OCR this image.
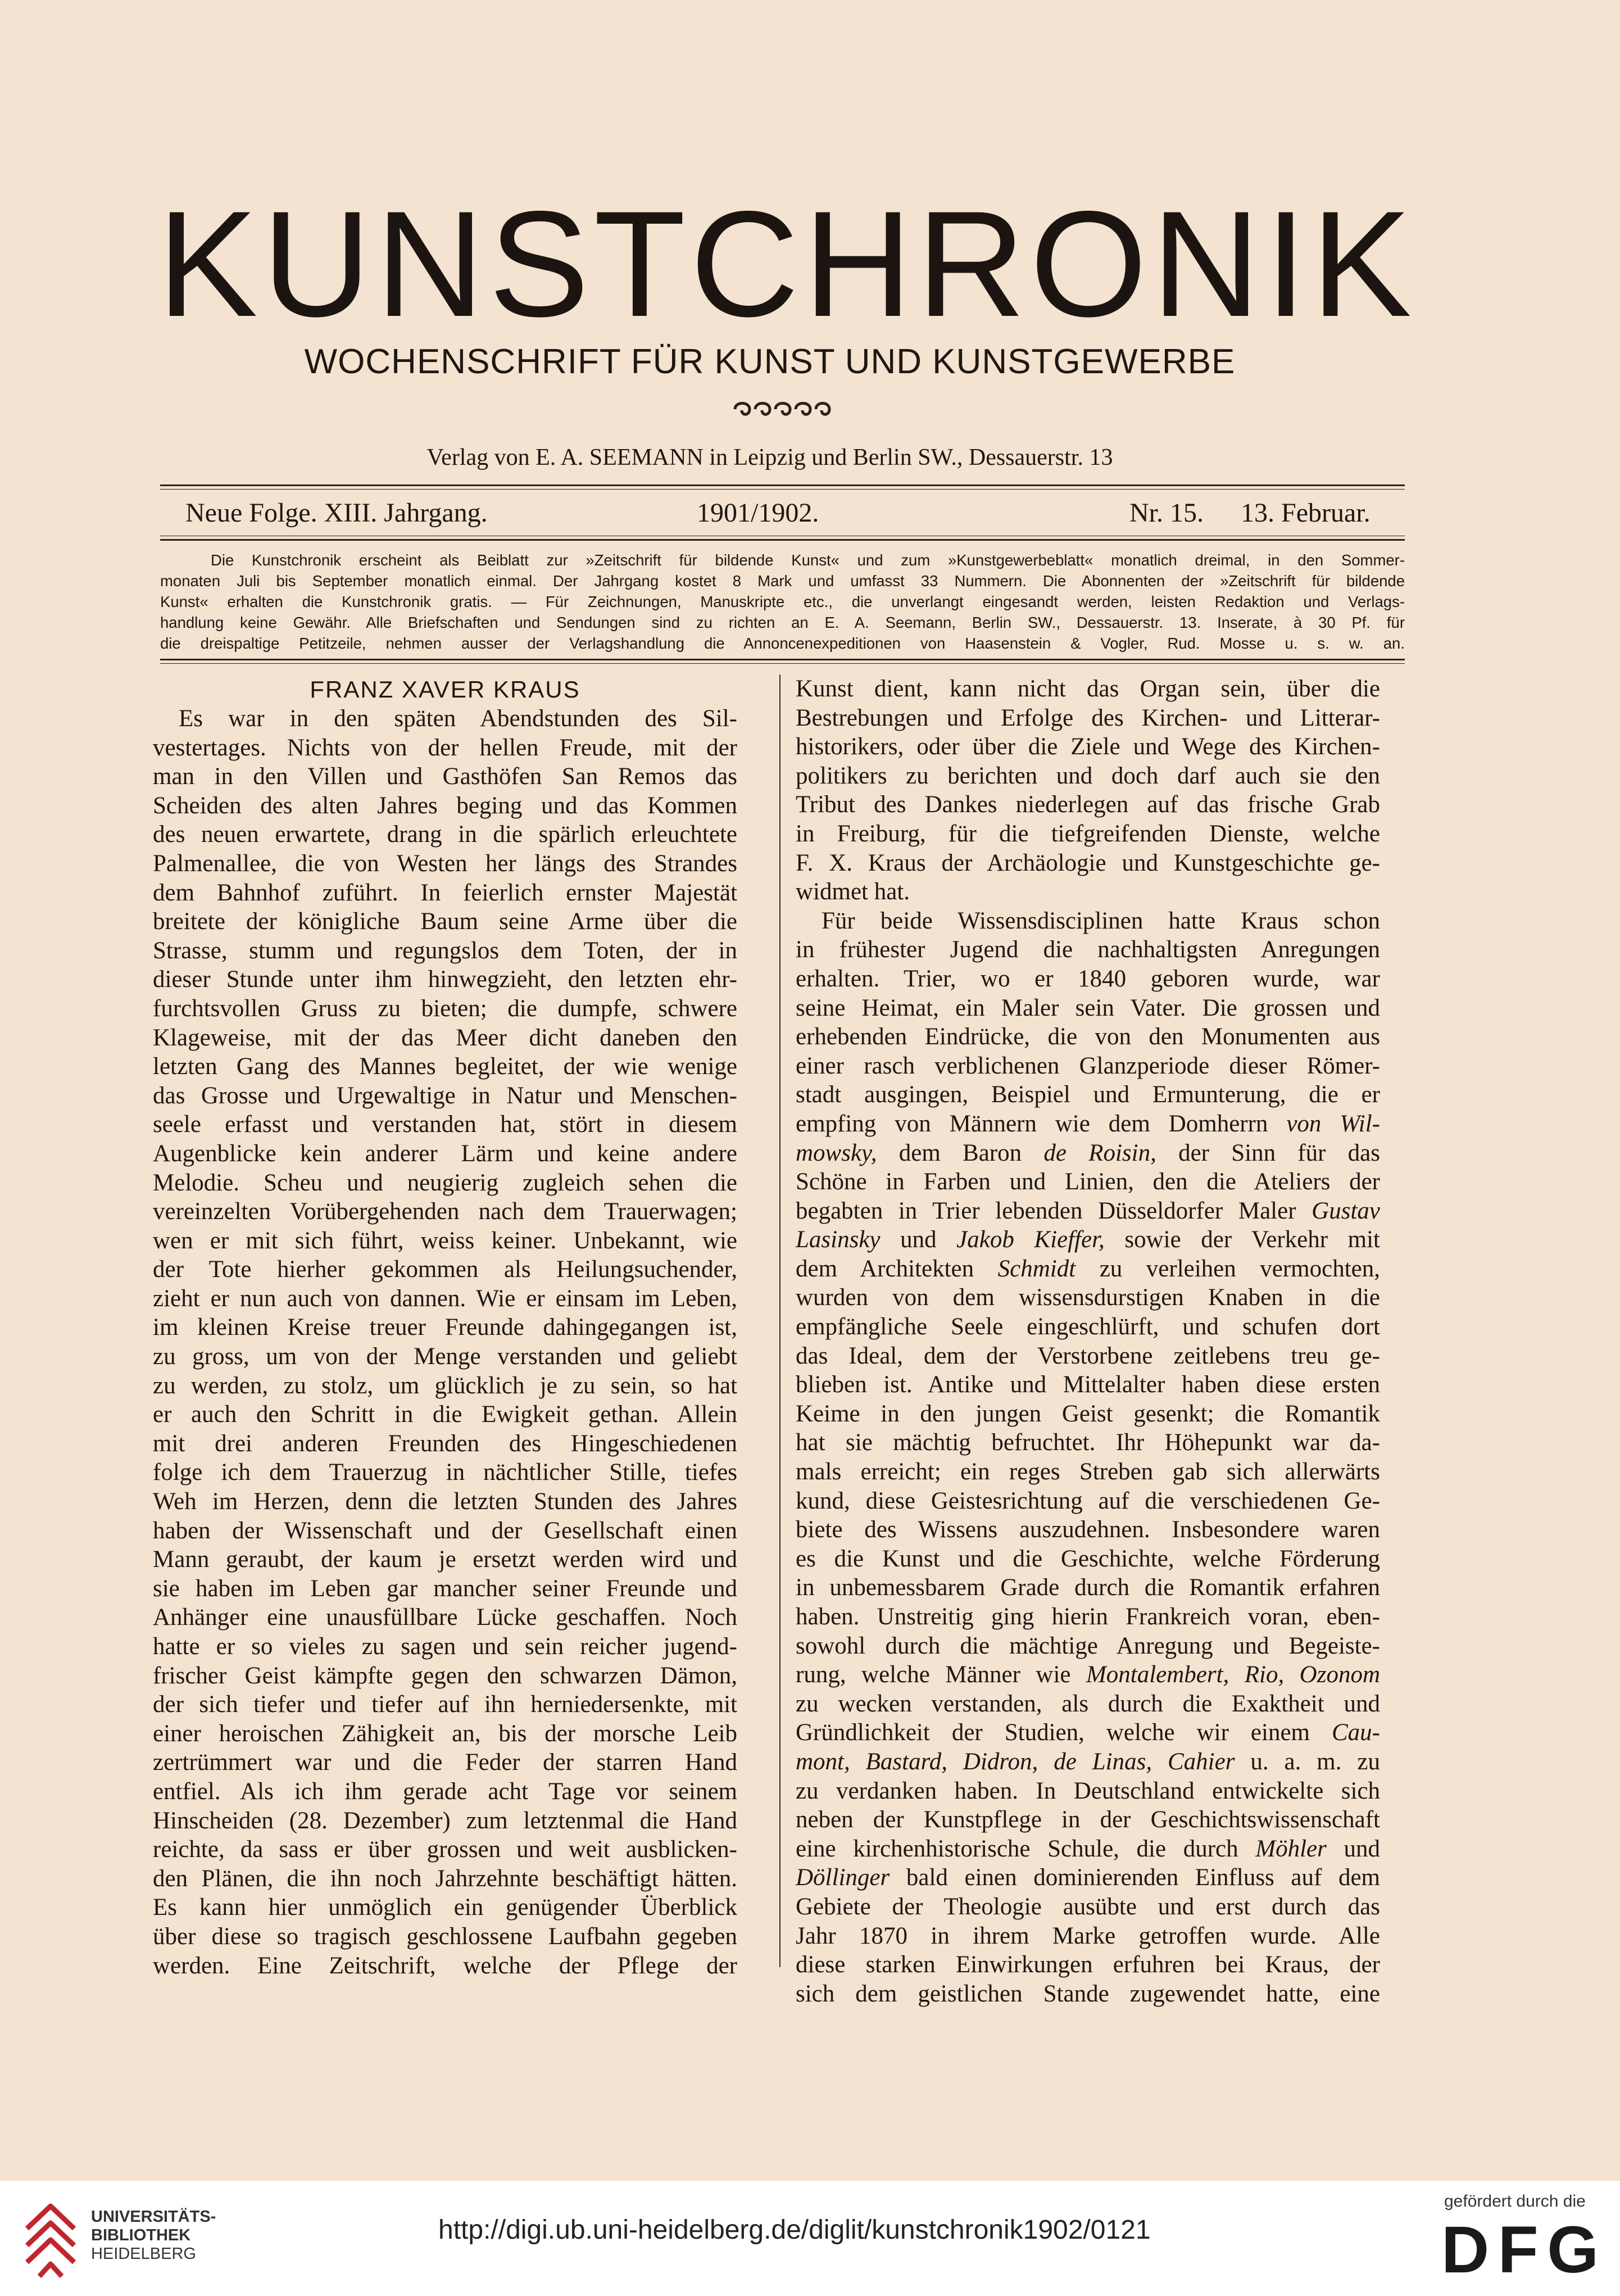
KUNSTCHRONIK
WOCHENSCHRIFT FÜR KUNST UND KUNSTGEWERBE
Verlag von E. A. SEEMANN in Leipzig und Berlin SW., Dessauerstr. 13
Neue Folge. XIII. Jahrgang.	1901/1902.	Nr. 15. 13. Februar.
Die Kunstchronik erscheint als Beiblatt zur »Zeitschrift für bildende Kunst« und zum »Kunstgewerbeblatt« monatlich dreimal, in den Sommer-
monaten Juli bis September monatlich einmal. Der Jahrgang kostet 8 Mark und umfasst 33 Nummern. Die Abonnenten der »Zeitschrift für bildende
Kunst« erhalten die Kunstchronik gratis. — Für Zeichnungen, Manuskripte etc., die unverlangt eingesandt werden, leisten Redaktion und Verlags-
handlung keine Gewähr. Alle Briefschaften und Sendungen sind zu richten an E. A. Seemann, Berlin SW., Dessauerstr. 13. Inserate, à 30 Pf. für
die dreispaltige Petitzeile, nehmen ausser der Verlagshandlung die Annoncenexpeditionen von Haasenstein & Vogler, Rud. Mosse u. s. w. an.
FRANZ XAVER KRAUS

Es war in den späten Abendstunden des Sil-

vestertages. Nichts von der hellen Freude, mit der

man in den Villen und Gasthöfen San Remos das

Scheiden des alten Jahres beging und das Kommen

des neuen erwartete, drang in die spärlich erleuchtete

Palmenallee, die von Westen her längs des Strandes

dem Bahnhof zuführt. In feierlich ernster Majestät

breitete der königliche Baum seine Arme über die

Strasse, stumm und regungslos dem Toten, der in

dieser Stunde unter ihm hinwegzieht, den letzten ehr-

furchtsvollen Gruss zu bieten; die dumpfe, schwere

Klageweise, mit der das Meer dicht daneben den

letzten Gang des Mannes begleitet, der wie wenige

das Grosse und Urgewaltige in Natur und Menschen-

seele erfasst und verstanden hat, stört in diesem

Augenblicke kein anderer Lärm und keine andere

Melodie. Scheu und neugierig zugleich sehen die

vereinzelten Vorübergehenden nach dem Trauerwagen;

wen er mit sich führt, weiss keiner. Unbekannt, wie

der Tote hierher gekommen als Heilungsuchender,

zieht er nun auch von dannen. Wie er einsam im Leben,

im kleinen Kreise treuer Freunde dahingegangen ist,

zu gross, um von der Menge verstanden und geliebt

zu werden, zu stolz, um glücklich je zu sein, so hat

er auch den Schritt in die Ewigkeit gethan. Allein

mit drei anderen Freunden des Hingeschiedenen

folge ich dem Trauerzug in nächtlicher Stille, tiefes

Weh im Herzen, denn die letzten Stunden des Jahres

haben der Wissenschaft und der Gesellschaft einen

Mann geraubt, der kaum je ersetzt werden wird und

sie haben im Leben gar mancher seiner Freunde und

Anhänger eine unausfüllbare Lücke geschaffen. Noch

hatte er so vieles zu sagen und sein reicher jugend-

frischer Geist kämpfte gegen den schwarzen Dämon,

der sich tiefer und tiefer auf ihn herniedersenkte, mit

einer heroischen Zähigkeit an, bis der morsche Leib

zertrümmert war und die Feder der starren Hand

entfiel. Als ich ihm gerade acht Tage vor seinem

Hinscheiden (28. Dezember) zum letztenmal die Hand

reichte, da sass er über grossen und weit ausblicken-

den Plänen, die ihn noch Jahrzehnte beschäftigt hätten.

Es kann hier unmöglich ein genügender Überblick

über diese so tragisch geschlossene Laufbahn gegeben

werden. Eine Zeitschrift, welche der Pflege der

Kunst dient, kann nicht das Organ sein, über die

Bestrebungen und Erfolge des Kirchen- und Litterar-

historikers, oder über die Ziele und Wege des Kirchen-

politikers zu berichten und doch darf auch sie den

Tribut des Dankes niederlegen auf das frische Grab

in Freiburg, für die tiefgreifenden Dienste, welche

F. X. Kraus der Archäologie und Kunstgeschichte ge-

widmet hat.

Für beide Wissensdisciplinen hatte Kraus schon

in frühester Jugend die nachhaltigsten Anregungen

erhalten. Trier, wo er 1840 geboren wurde, war

seine Heimat, ein Maler sein Vater. Die grossen und

erhebenden Eindrücke, die von den Monumenten aus

einer rasch verblichenen Glanzperiode dieser Römer-

stadt ausgingen, Beispiel und Ermunterung, die er

empfing von Männern wie dem Domherrn von Wil-

mowsky, dem Baron de Roisin, der Sinn für das

Schöne in Farben und Linien, den die Ateliers der

begabten in Trier lebenden Düsseldorfer Maler Gustav

Lasinsky und Jakob Kieffer, sowie der Verkehr mit

dem Architekten Schmidt zu verleihen vermochten,

wurden von dem wissensdurstigen Knaben in die

empfängliche Seele eingeschlürft, und schufen dort

das Ideal, dem der Verstorbene zeitlebens treu ge-

blieben ist. Antike und Mittelalter haben diese ersten

Keime in den jungen Geist gesenkt; die Romantik

hat sie mächtig befruchtet. Ihr Höhepunkt war da-

mals erreicht; ein reges Streben gab sich allerwärts

kund, diese Geistesrichtung auf die verschiedenen Ge-

biete des Wissens auszudehnen. Insbesondere waren

es die Kunst und die Geschichte, welche Förderung

in unbemessbarem Grade durch die Romantik erfahren

haben. Unstreitig ging hierin Frankreich voran, eben-

sowohl durch die mächtige Anregung und Begeiste-

rung, welche Männer wie Montalembert, Rio, Ozonom

zu wecken verstanden, als durch die Exaktheit und

Gründlichkeit der Studien, welche wir einem Cau-

mont, Bastard, Didron, de Linas, Cahier u. a. m. zu

zu verdanken haben. In Deutschland entwickelte sich

neben der Kunstpflege in der Geschichtswissenschaft

eine kirchenhistorische Schule, die durch Möhler und

Döllinger bald einen dominierenden Einfluss auf dem

Gebiete der Theologie ausübte und erst durch das

Jahr 1870 in ihrem Marke getroffen wurde. Alle

diese starken Einwirkungen erfuhren bei Kraus, der

sich dem geistlichen Stande zugewendet hatte, eine

UNIVERSITÄTS-
BIBLIOTHEK
HEIDELBERG
http://digi.ub.uni-heidelberg.de/diglit/kunstchronik1902/0121
gefördert durch die
DFG
